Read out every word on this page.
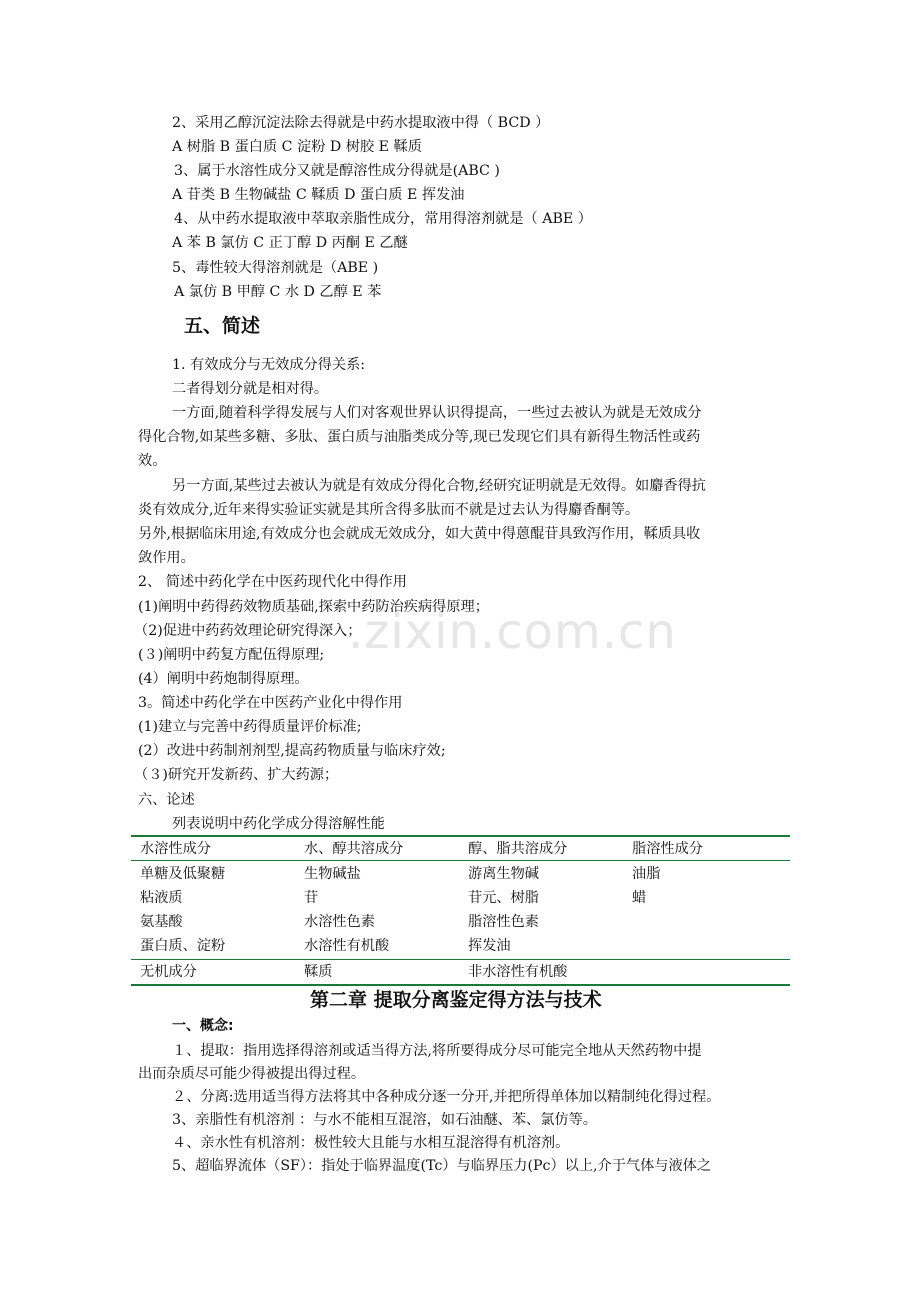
.zixin.com.cn
2、采用乙醇沉淀法除去得就是中药水提取液中得（ BCD ）
A 树脂 B 蛋白质 C 淀粉 D 树胶 E 鞣质
3、属于水溶性成分又就是醇溶性成分得就是(ABC )
A 苷类 B 生物碱盐 C 鞣质 D 蛋白质 E 挥发油
4、从中药水提取液中萃取亲脂性成分，常用得溶剂就是（ ABE ）
A 苯 B 氯仿 C 正丁醇 D 丙酮 E 乙醚
5、毒性较大得溶剂就是（ABE )
A 氯仿 B 甲醇 C 水 D 乙醇 E 苯
五、简述
1. 有效成分与无效成分得关系:
二者得划分就是相对得。
一方面,随着科学得发展与人们对客观世界认识得提高，一些过去被认为就是无效成分
得化合物,如某些多糖、多肽、蛋白质与油脂类成分等,现已发现它们具有新得生物活性或药
效。
另一方面,某些过去被认为就是有效成分得化合物,经研究证明就是无效得。如麝香得抗
炎有效成分,近年来得实验证实就是其所含得多肽而不就是过去认为得麝香酮等。
另外,根据临床用途,有效成分也会就成无效成分，如大黄中得蒽醌苷具致泻作用，鞣质具收
敛作用。
2、 简述中药化学在中医药现代化中得作用
(1)阐明中药得药效物质基础,探索中药防治疾病得原理；
（2)促进中药药效理论研究得深入；
(３)阐明中药复方配伍得原理;
(4）阐明中药炮制得原理。
3。简述中药化学在中医药产业化中得作用
(1)建立与完善中药得质量评价标准;
(2）改进中药制剂剂型,提高药物质量与临床疗效;
（３)研究开发新药、扩大药源；
六、论述
列表说明中药化学成分得溶解性能
水溶性成分	水、醇共溶成分	醇、脂共溶成分	脂溶性成分
单糖及低聚糖	生物碱盐	游离生物碱	油脂
粘液质	苷	苷元、树脂	蜡
氨基酸	水溶性色素	脂溶性色素
蛋白质、淀粉	水溶性有机酸	挥发油
无机成分	鞣质	非水溶性有机酸
第二章 提取分离鉴定得方法与技术
一、概念:
１、提取：指用选择得溶剂或适当得方法,将所要得成分尽可能完全地从天然药物中提
出而杂质尽可能少得被提出得过程。
２、分离:选用适当得方法将其中各种成分逐一分开,并把所得单体加以精制纯化得过程。
3、亲脂性有机溶剂 ：与水不能相互混溶，如石油醚、苯、氯仿等。
４、亲水性有机溶剂：极性较大且能与水相互混溶得有机溶剂。
5、超临界流体（SF）：指处于临界温度(Tc）与临界压力(Pc）以上,介于气体与液体之
